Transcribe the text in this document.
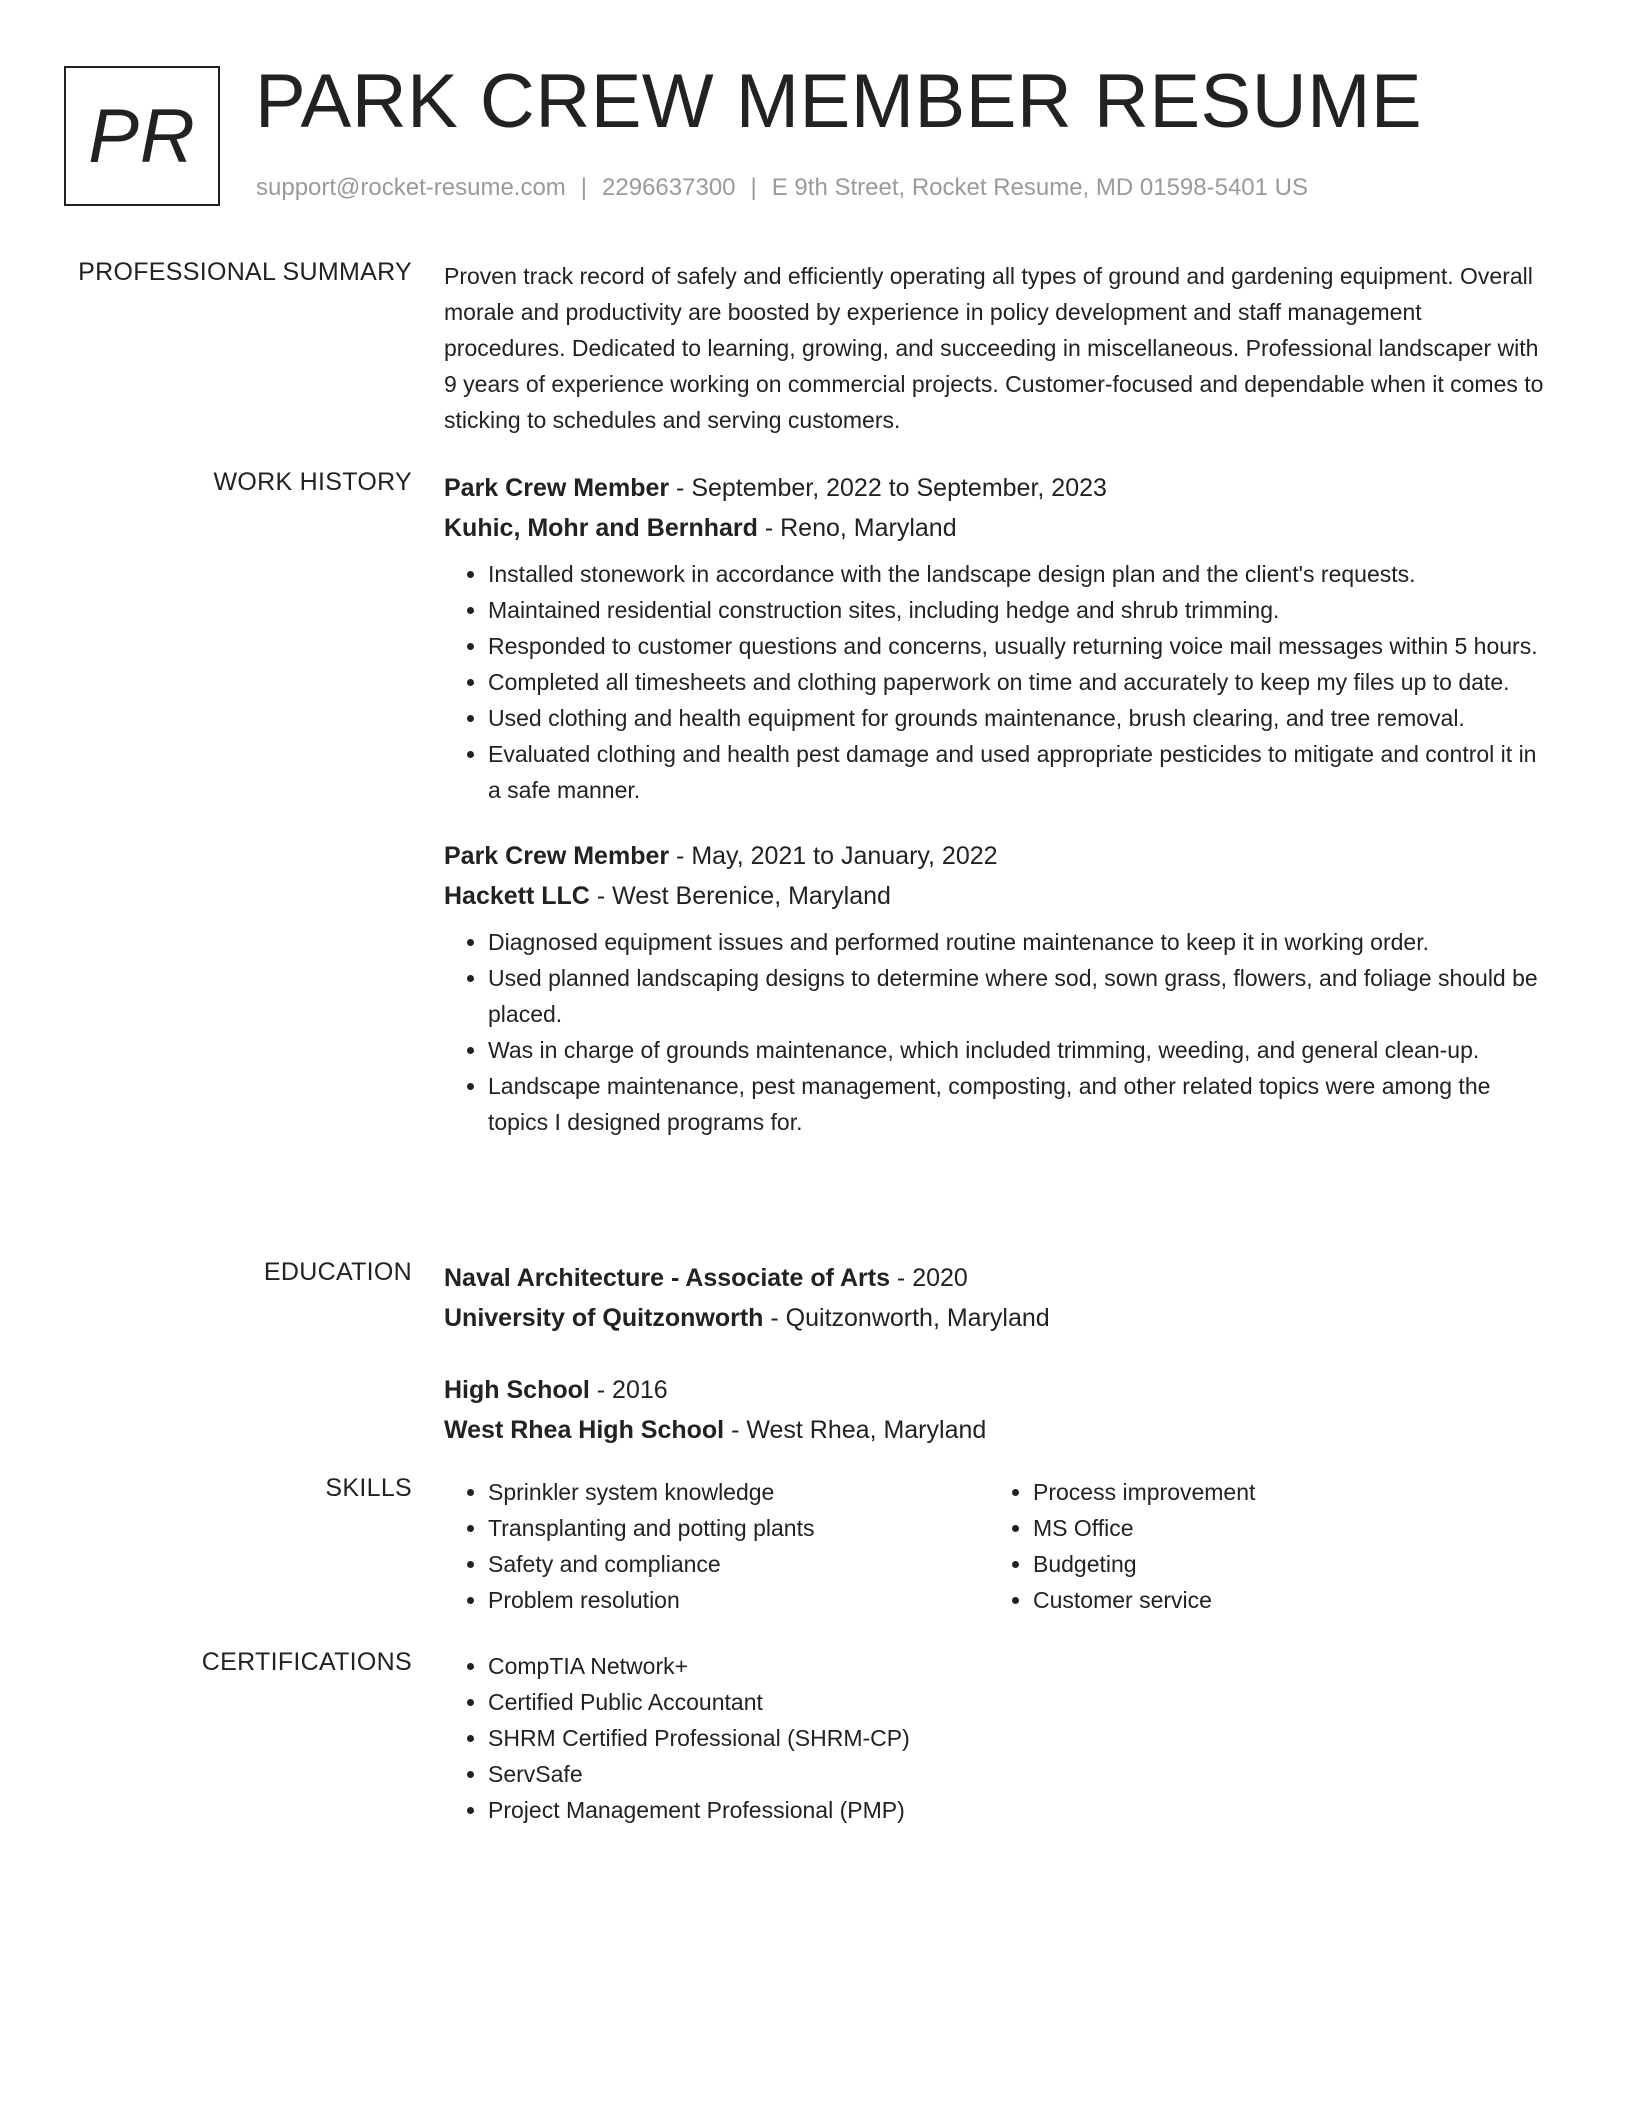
PR PARK CREW MEMBER RESUME
support@rocket-resume.com | 2296637300 | E 9th Street, Rocket Resume, MD 01598-5401 US
PROFESSIONAL SUMMARY Proven track record of safely and efficiently operating all types of ground and gardening equipment. Overall morale and productivity are boosted by experience in policy development and staff management procedures. Dedicated to learning, growing, and succeeding in miscellaneous. Professional landscaper with 9 years of experience working on commercial projects. Customer-focused and dependable when it comes to sticking to schedules and serving customers.

WORK HISTORY Park Crew Member - September, 2022 to September, 2023
Kuhic, Mohr and Bernhard - Reno, Maryland
• Installed stonework in accordance with the landscape design plan and the client's requests.
• Maintained residential construction sites, including hedge and shrub trimming.
• Responded to customer questions and concerns, usually returning voice mail messages within 5 hours.
• Completed all timesheets and clothing paperwork on time and accurately to keep my files up to date.
• Used clothing and health equipment for grounds maintenance, brush clearing, and tree removal.
• Evaluated clothing and health pest damage and used appropriate pesticides to mitigate and control it in a safe manner.
Park Crew Member - May, 2021 to January, 2022
Hackett LLC - West Berenice, Maryland
• Diagnosed equipment issues and performed routine maintenance to keep it in working order.
• Used planned landscaping designs to determine where sod, sown grass, flowers, and foliage should be placed.
• Was in charge of grounds maintenance, which included trimming, weeding, and general clean-up.
• Landscape maintenance, pest management, composting, and other related topics were among the topics I designed programs for.
EDUCATION Naval Architecture - Associate of Arts - 2020
University of Quitzonworth - Quitzonworth, Maryland
High School - 2016
West Rhea High School - West Rhea, Maryland
SKILLS	• Sprinkler system knowledge
• Transplanting and potting plants
• Safety and compliance
• Problem resolution
• Process improvement
• MS Office
• Budgeting
• Customer service
CERTIFICATIONS	• CompTIA Network+
• Certified Public Accountant
• SHRM Certified Professional (SHRM-CP)
• ServSafe
• Project Management Professional (PMP)
